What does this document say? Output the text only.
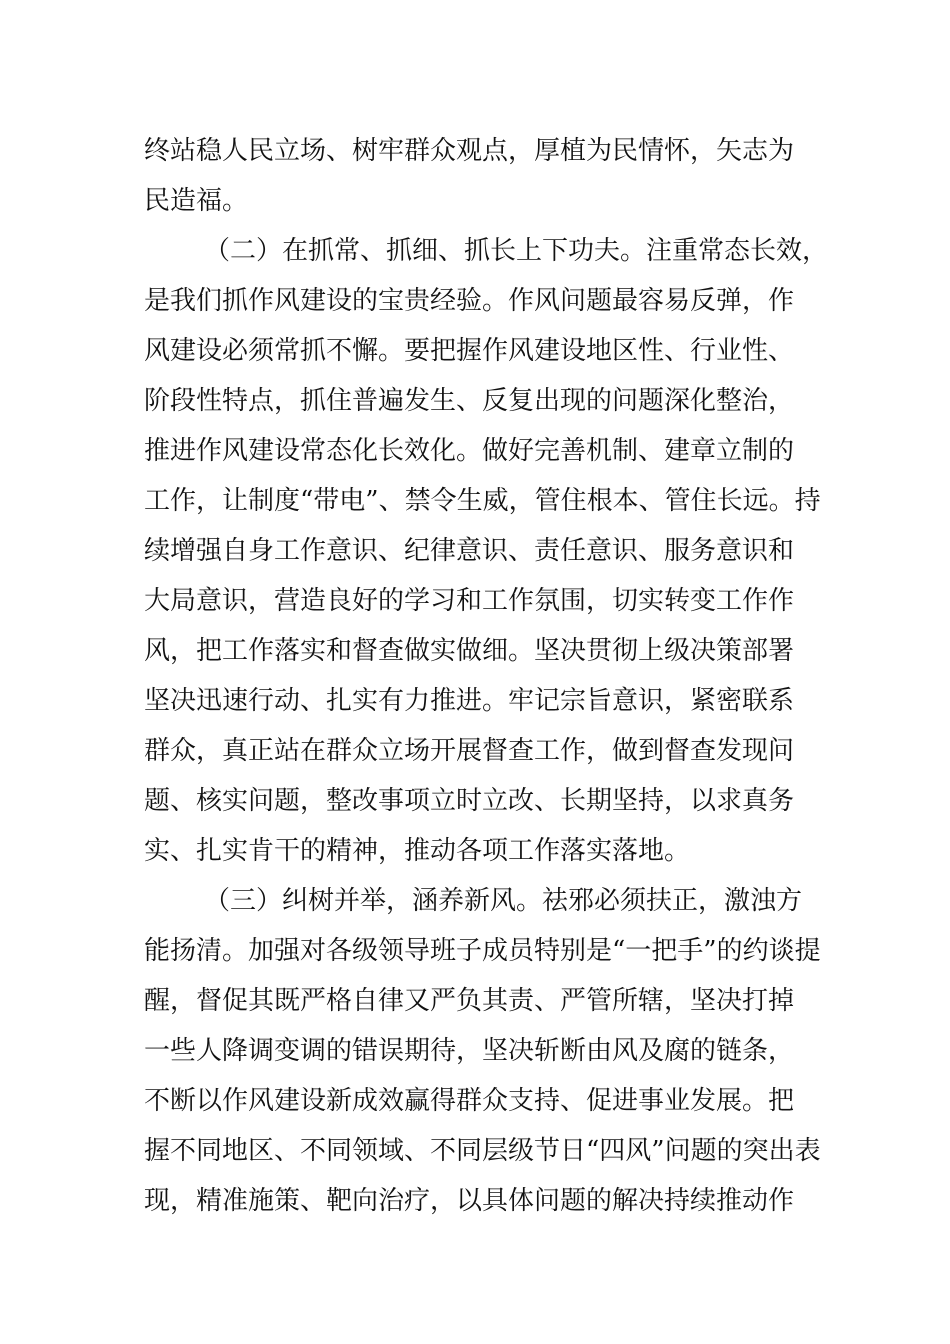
终站稳人民立场、树牢群众观点，厚植为民情怀，矢志为
民造福。
（二）在抓常、抓细、抓长上下功夫。注重常态长效，
是我们抓作风建设的宝贵经验。作风问题最容易反弹，作
风建设必须常抓不懈。要把握作风建设地区性、行业性、
阶段性特点，抓住普遍发生、反复出现的问题深化整治，
推进作风建设常态化长效化。做好完善机制、建章立制的
工作，让制度“带电”、禁令生威，管住根本、管住长远。持
续增强自身工作意识、纪律意识、责任意识、服务意识和
大局意识，营造良好的学习和工作氛围，切实转变工作作
风，把工作落实和督查做实做细。坚决贯彻上级决策部署
坚决迅速行动、扎实有力推进。牢记宗旨意识，紧密联系
群众，真正站在群众立场开展督查工作，做到督查发现问
题、核实问题，整改事项立时立改、长期坚持，以求真务
实、扎实肯干的精神，推动各项工作落实落地。
（三）纠树并举，涵养新风。祛邪必须扶正，激浊方
能扬清。加强对各级领导班子成员特别是“一把手”的约谈提
醒，督促其既严格自律又严负其责、严管所辖，坚决打掉
一些人降调变调的错误期待，坚决斩断由风及腐的链条，
不断以作风建设新成效赢得群众支持、促进事业发展。把
握不同地区、不同领域、不同层级节日“四风”问题的突出表
现，精准施策、靶向治疗，以具体问题的解决持续推动作
